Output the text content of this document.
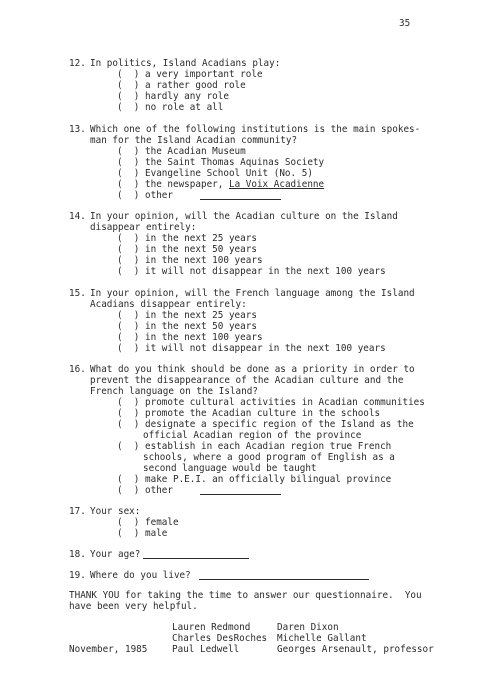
35
12. In politics, Island Acadians play:
(  ) a very important role
(  ) a rather good role
(  ) hardly any role
(  ) no role at all
13. Which one of the following institutions is the main spokes-
man for the Island Acadian community?
(  ) the Acadian Museum
(  ) the Saint Thomas Aquinas Society
(  ) Evangeline School Unit (No. 5)
(  ) the newspaper, La Voix Acadienne
(  ) other
14. In your opinion, will the Acadian culture on the Island
disappear entirely:
(  ) in the next 25 years
(  ) in the next 50 years
(  ) in the next 100 years
(  ) it will not disappear in the next 100 years
15. In your opinion, will the French language among the Island
Acadians disappear entirely:
(  ) in the next 25 years
(  ) in the next 50 years
(  ) in the next 100 years
(  ) it will not disappear in the next 100 years
16. What do you think should be done as a priority in order to
prevent the disappearance of the Acadian culture and the
French language on the Island?
(  ) promote cultural activities in Acadian communities
(  ) promote the Acadian culture in the schools
(  ) designate a specific region of the Island as the
official Acadian region of the province
(  ) establish in each Acadian region true French
schools, where a good program of English as a
second language would be taught
(  ) make P.E.I. an officially bilingual province
(  ) other
17. Your sex:
(  ) female
(  ) male
18. Your age?
19. Where do you live?
THANK YOU for taking the time to answer our questionnaire.  You
have been very helpful.
Lauren Redmond	Daren Dixon
Charles DesRoches Michelle Gallant
November, 1985	Paul Ledwell	Georges Arsenault, professor
